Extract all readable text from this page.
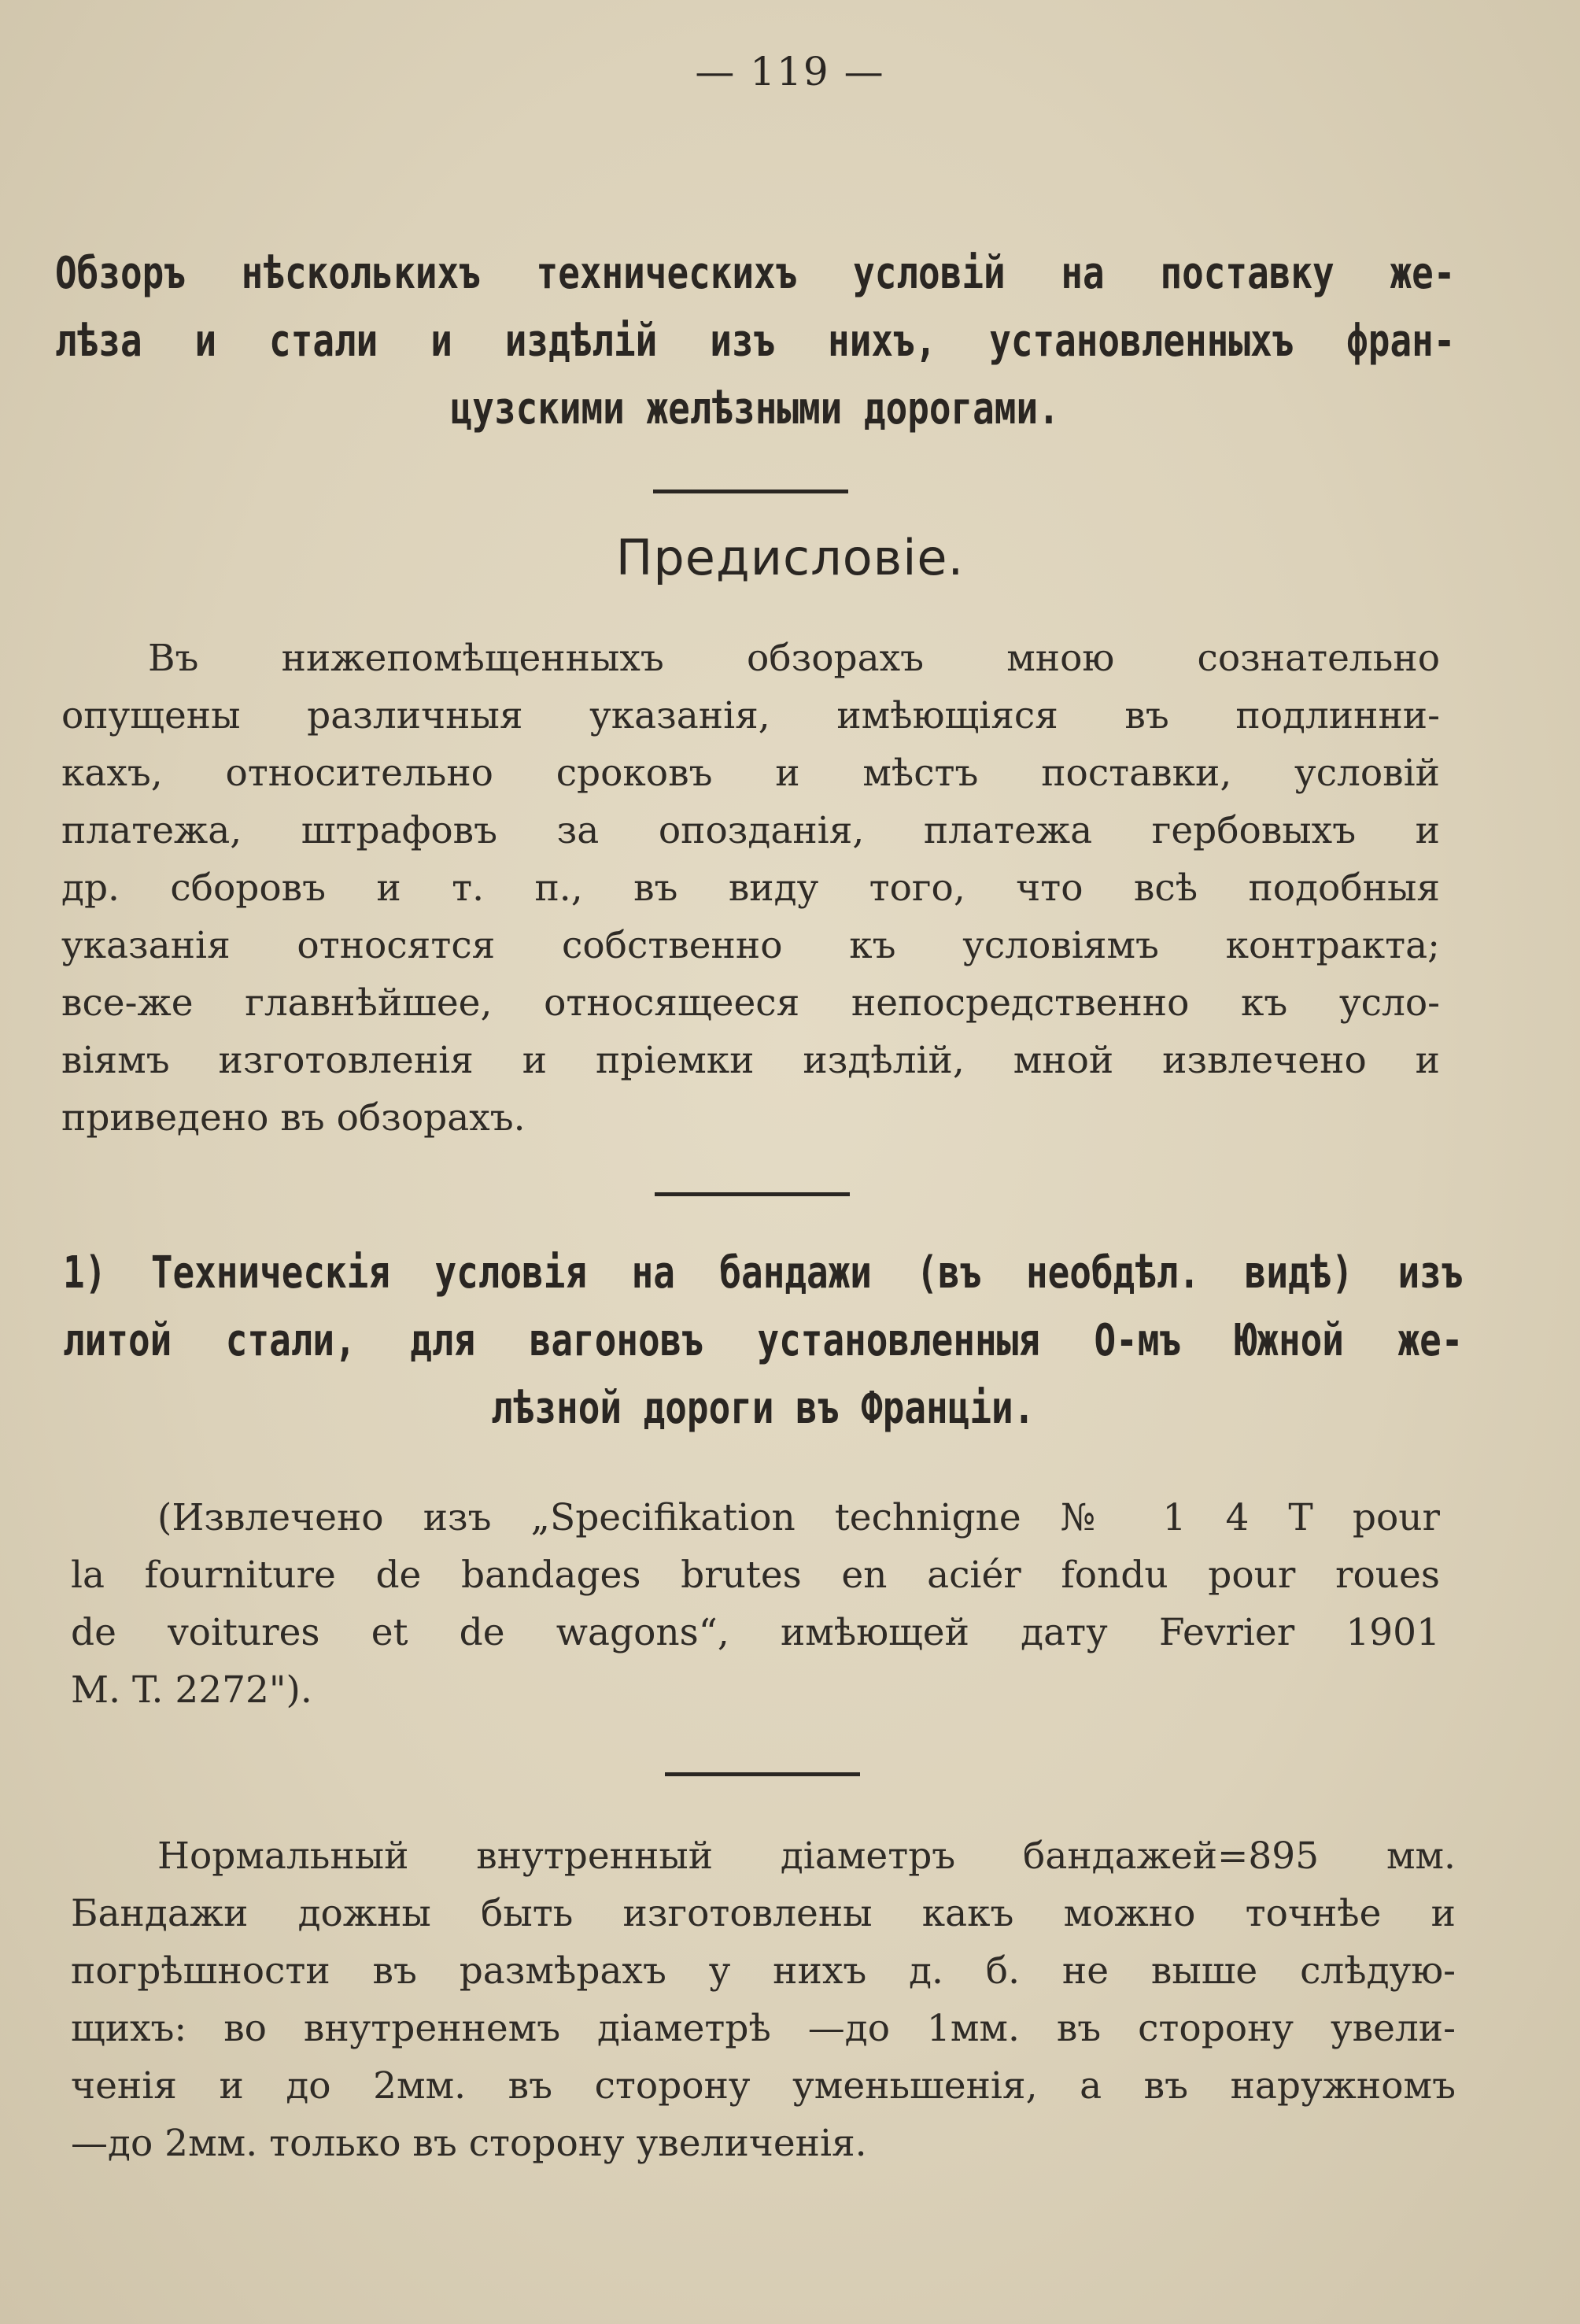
— 119 —
Обзоръ нѣсколькихъ техническихъ условій на поставку же-
лѣза и стали и издѣлій изъ нихъ, установленныхъ фран-
цузскими желѣзными дорогами.
Предисловіе.
Въ нижепомѣщенныхъ обзорахъ мною сознательно
опущены различныя указанія, имѣющіяся въ подлинни-
кахъ, относительно сроковъ и мѣстъ поставки, условій
платежа, штрафовъ за опозданія, платежа гербовыхъ и
др. сборовъ и т. п., въ виду того, что всѣ подобныя
указанія относятся собственно къ условіямъ контракта;
все-же главнѣйшее, относящееся непосредственно къ усло-
віямъ изготовленія и пріемки издѣлій, мной извлечено и
приведено въ обзорахъ.
1) Техническія условія на бандажи (въ необдѣл. видѣ) изъ
литой стали, для вагоновъ установленныя О-мъ Южной же-
лѣзной дороги въ Франціи.
(Извлечено изъ „Specifikation technigne № 1 4 T pour
la fourniture de bandages brutes en aciér fondu pour roues
de voitures et de wagons“, имѣющей дату Fevrier 1901
M. T. 2272").
Нормальный внутренный діаметръ бандажей=895 мм.
Бандажи дожны быть изготовлены какъ можно точнѣе и
погрѣшности въ размѣрахъ у нихъ д. б. не выше слѣдую-
щихъ: во внутреннемъ діаметрѣ —до 1мм. въ сторону увели-
ченія и до 2мм. въ сторону уменьшенія, а въ наружномъ
—до 2мм. только въ сторону увеличенія.
